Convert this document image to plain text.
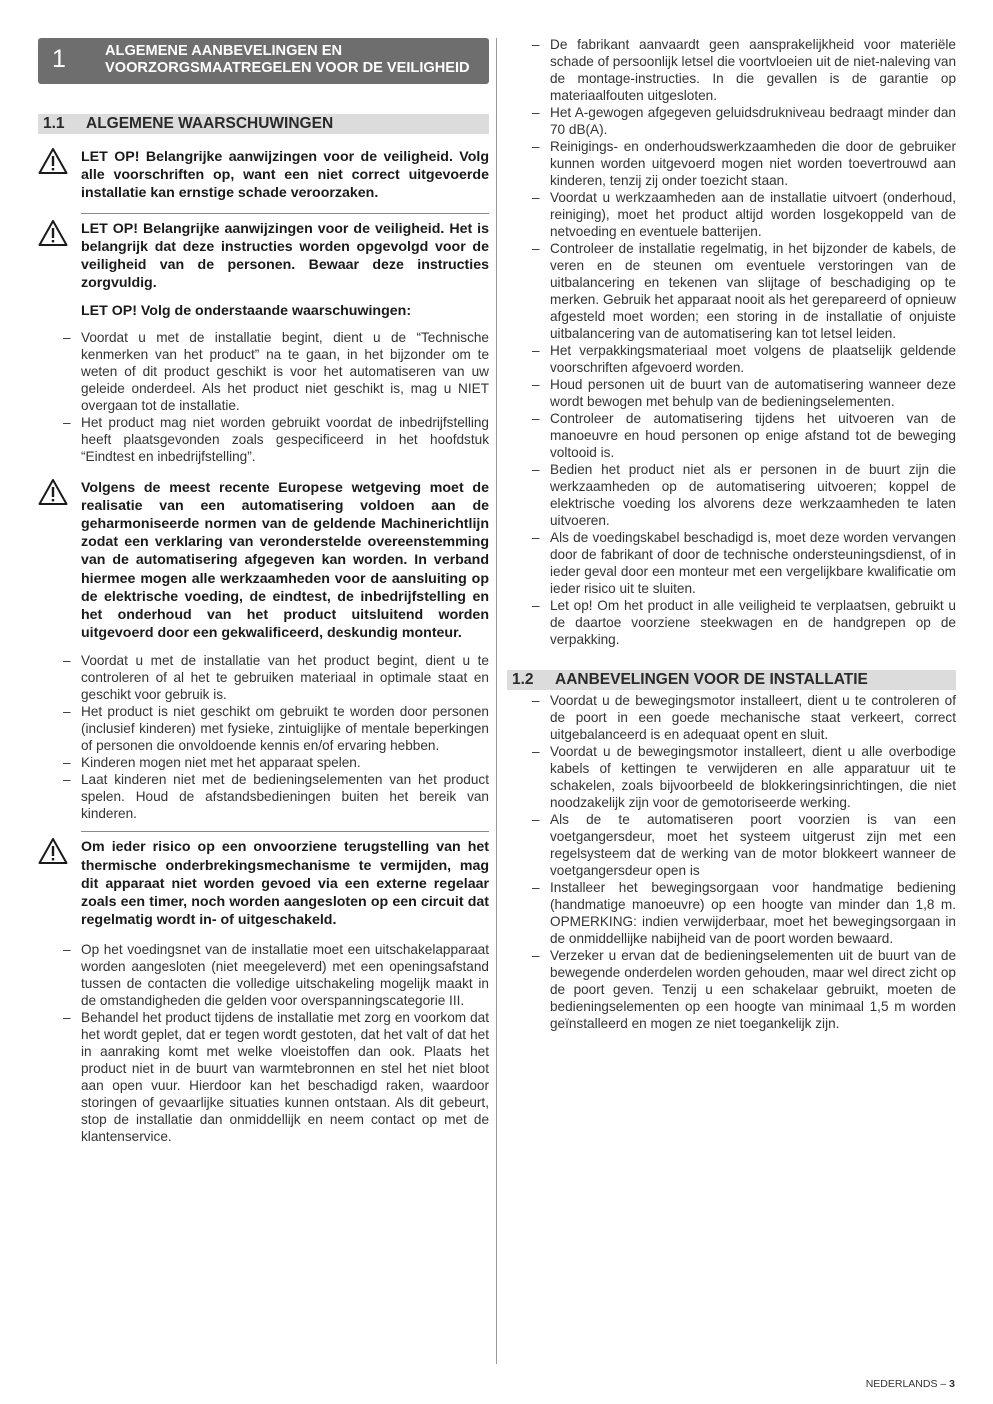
1	ALGEMENE AANBEVELINGEN EN
VOORZORGSMAATREGELEN VOOR DE VEILIGHEID
1.1 ALGEMENE WAARSCHUWINGEN
LET OP! Belangrijke aanwijzingen voor de veiligheid. Volg alle voorschriften op, want een niet correct uitgevoerde installatie kan ernstige schade veroorzaken.
LET OP! Belangrijke aanwijzingen voor de veiligheid. Het is belangrijk dat deze instructies worden opgevolgd voor de veiligheid van de personen. Bewaar deze instructies zorgvuldig.
LET OP! Volg de onderstaande waarschuwingen:
– Voordat u met de installatie begint, dient u de “Technische kenmerken van het product” na te gaan, in het bijzonder om te weten of dit product geschikt is voor het automatiseren van uw geleide onderdeel. Als het product niet geschikt is, mag u NIET overgaan tot de installatie.
– Het product mag niet worden gebruikt voordat de inbedrijfstelling heeft plaatsgevonden zoals gespecificeerd in het hoofdstuk “Eindtest en inbedrijfstelling”.
Volgens de meest recente Europese wetgeving moet de realisatie van een automatisering voldoen aan de geharmoniseerde normen van de geldende Machinerichtlijn zodat een verklaring van veronderstelde overeenstemming van de automatisering afgegeven kan worden. In verband hiermee mogen alle werkzaamheden voor de aansluiting op de elektrische voeding, de eindtest, de inbedrijfstelling en het onderhoud van het product uitsluitend worden uitgevoerd door een gekwalificeerd, deskundig monteur.
– Voordat u met de installatie van het product begint, dient u te controleren of al het te gebruiken materiaal in optimale staat en geschikt voor gebruik is.
– Het product is niet geschikt om gebruikt te worden door personen (inclusief kinderen) met fysieke, zintuiglijke of mentale beperkingen of personen die onvoldoende kennis en/of ervaring hebben.
– Kinderen mogen niet met het apparaat spelen.
– Laat kinderen niet met de bedieningselementen van het product spelen. Houd de afstandsbedieningen buiten het bereik van kinderen.
Om ieder risico op een onvoorziene terugstelling van het thermische onderbrekingsmechanisme te vermijden, mag dit apparaat niet worden gevoed via een externe regelaar zoals een timer, noch worden aangesloten op een circuit dat regelmatig wordt in- of uitgeschakeld.
– Op het voedingsnet van de installatie moet een uitschakelapparaat worden aangesloten (niet meegeleverd) met een openingsafstand tussen de contacten die volledige uitschakeling mogelijk maakt in de omstandigheden die gelden voor overspanningscategorie III.
– Behandel het product tijdens de installatie met zorg en voorkom dat het wordt geplet, dat er tegen wordt gestoten, dat het valt of dat het in aanraking komt met welke vloeistoffen dan ook. Plaats het product niet in de buurt van warmtebronnen en stel het niet bloot aan open vuur. Hierdoor kan het beschadigd raken, waardoor storingen of gevaarlijke situaties kunnen ontstaan. Als dit gebeurt, stop de installatie dan onmiddellijk en neem contact op met de klantenservice.
– De fabrikant aanvaardt geen aansprakelijkheid voor materiële schade of persoonlijk letsel die voortvloeien uit de niet-naleving van de montage-instructies. In die gevallen is de garantie op materiaalfouten uitgesloten.
– Het A-gewogen afgegeven geluidsdrukniveau bedraagt minder dan 70 dB(A).
– Reinigings- en onderhoudswerkzaamheden die door de gebruiker kunnen worden uitgevoerd mogen niet worden toevertrouwd aan kinderen, tenzij zij onder toezicht staan.
– Voordat u werkzaamheden aan de installatie uitvoert (onderhoud, reiniging), moet het product altijd worden losgekoppeld van de netvoeding en eventuele batterijen.
– Controleer de installatie regelmatig, in het bijzonder de kabels, de veren en de steunen om eventuele verstoringen van de uitbalancering en tekenen van slijtage of beschadiging op te merken. Gebruik het apparaat nooit als het gerepareerd of opnieuw afgesteld moet worden; een storing in de installatie of onjuiste uitbalancering van de automatisering kan tot letsel leiden.
– Het verpakkingsmateriaal moet volgens de plaatselijk geldende voorschriften afgevoerd worden.
– Houd personen uit de buurt van de automatisering wanneer deze wordt bewogen met behulp van de bedieningselementen.
– Controleer de automatisering tijdens het uitvoeren van de manoeuvre en houd personen op enige afstand tot de beweging voltooid is.
– Bedien het product niet als er personen in de buurt zijn die werkzaamheden op de automatisering uitvoeren; koppel de elektrische voeding los alvorens deze werkzaamheden te laten uitvoeren.
– Als de voedingskabel beschadigd is, moet deze worden vervangen door de fabrikant of door de technische ondersteuningsdienst, of in ieder geval door een monteur met een vergelijkbare kwalificatie om ieder risico uit te sluiten.
– Let op! Om het product in alle veiligheid te verplaatsen, gebruikt u de daartoe voorziene steekwagen en de handgrepen op de verpakking.
1.2 AANBEVELINGEN VOOR DE INSTALLATIE
– Voordat u de bewegingsmotor installeert, dient u te controleren of de poort in een goede mechanische staat verkeert, correct uitgebalanceerd is en adequaat opent en sluit.
– Voordat u de bewegingsmotor installeert, dient u alle overbodige kabels of kettingen te verwijderen en alle apparatuur uit te schakelen, zoals bijvoorbeeld de blokkeringsinrichtingen, die niet noodzakelijk zijn voor de gemotoriseerde werking.
– Als de te automatiseren poort voorzien is van een voetgangersdeur, moet het systeem uitgerust zijn met een regelsysteem dat de werking van de motor blokkeert wanneer de voetgangersdeur open is
– Installeer het bewegingsorgaan voor handmatige bediening (handmatige manoeuvre) op een hoogte van minder dan 1,8 m. OPMERKING: indien verwijderbaar, moet het bewegingsorgaan in de onmiddellijke nabijheid van de poort worden bewaard.
– Verzeker u ervan dat de bedieningselementen uit de buurt van de bewegende onderdelen worden gehouden, maar wel direct zicht op de poort geven. Tenzij u een schakelaar gebruikt, moeten de bedieningselementen op een hoogte van minimaal 1,5 m worden geïnstalleerd en mogen ze niet toegankelijk zijn.
NEDERLANDS – 3
